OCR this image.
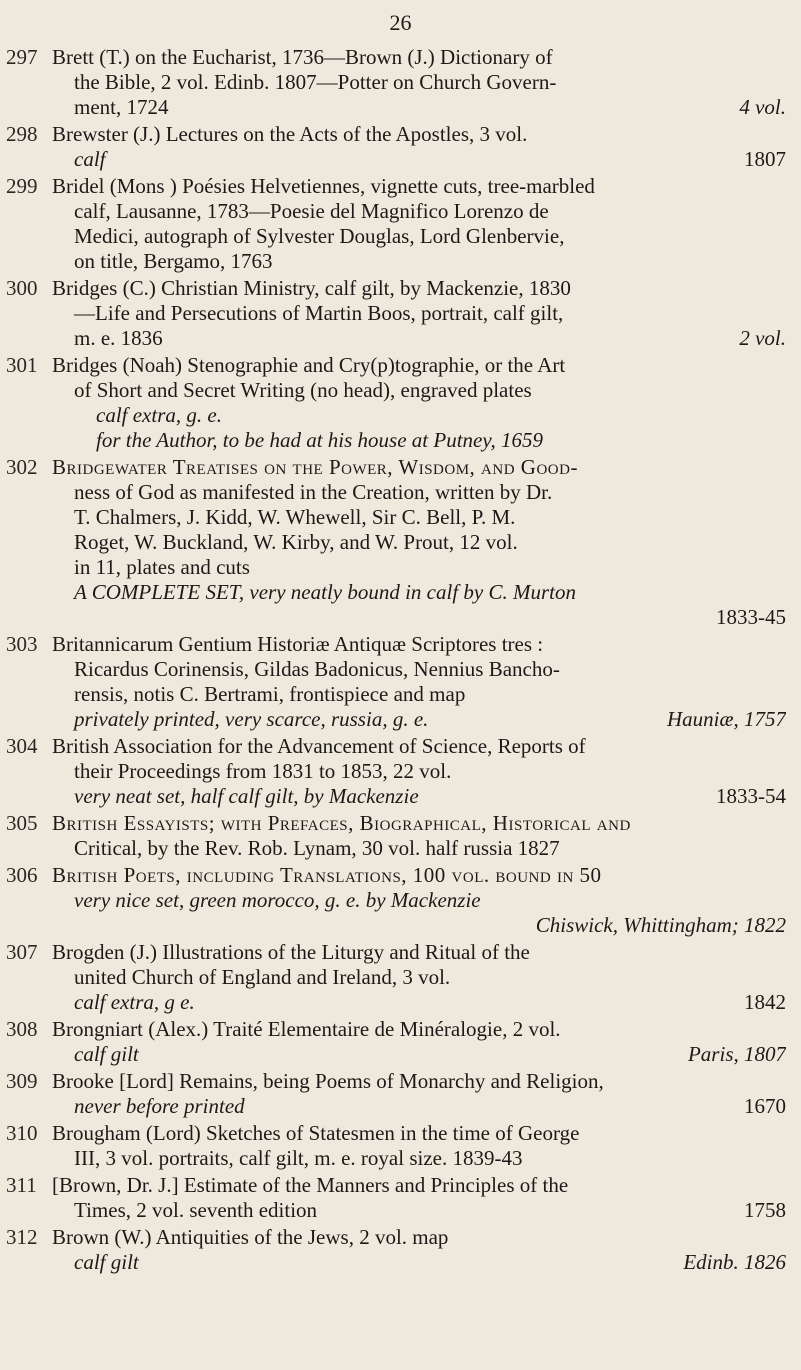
26
297 Brett (T.) on the Eucharist, 1736—Brown (J.) Dictionary of
the Bible, 2 vol. Edinb. 1807—Potter on Church Govern-
ment, 1724	4 vol.
298 Brewster (J.) Lectures on the Acts of the Apostles, 3 vol.
calf	1807
299 Bridel (Mons ) Poésies Helvetiennes, vignette cuts, tree-marbled
calf, Lausanne, 1783—Poesie del Magnifico Lorenzo de
Medici, autograph of Sylvester Douglas, Lord Glenbervie,
on title, Bergamo, 1763
300 Bridges (C.) Christian Ministry, calf gilt, by Mackenzie, 1830
—Life and Persecutions of Martin Boos, portrait, calf gilt,
m. e. 1836	2 vol.
301 Bridges (Noah) Stenographie and Cry(p)tographie, or the Art
of Short and Secret Writing (no head), engraved plates
calf extra, g. e.
for the Author, to be had at his house at Putney, 1659
302 Bridgewater Treatises on the Power, Wisdom, and Good-
ness of God as manifested in the Creation, written by Dr.
T. Chalmers, J. Kidd, W. Whewell, Sir C. Bell, P. M.
Roget, W. Buckland, W. Kirby, and W. Prout, 12 vol.
in 11, plates and cuts
A COMPLETE SET, very neatly bound in calf by C. Murton
1833-45
303 Britannicarum Gentium Historiæ Antiquæ Scriptores tres :
Ricardus Corinensis, Gildas Badonicus, Nennius Bancho-
rensis, notis C. Bertrami, frontispiece and map
privately printed, very scarce, russia, g. e.	Hauniæ, 1757
304 British Association for the Advancement of Science, Reports of
their Proceedings from 1831 to 1853, 22 vol.
very neat set, half calf gilt, by Mackenzie	1833-54
305 British Essayists; with Prefaces, Biographical, Historical and
Critical, by the Rev. Rob. Lynam, 30 vol. half russia 1827
306 British Poets, including Translations, 100 vol. bound in 50
very nice set, green morocco, g. e. by Mackenzie
Chiswick, Whittingham; 1822
307 Brogden (J.) Illustrations of the Liturgy and Ritual of the
united Church of England and Ireland, 3 vol.
calf extra, g e.	1842
308 Brongniart (Alex.) Traité Elementaire de Minéralogie, 2 vol.
calf gilt	Paris, 1807
309 Brooke [Lord] Remains, being Poems of Monarchy and Religion,
never before printed	1670
310 Brougham (Lord) Sketches of Statesmen in the time of George
III, 3 vol. portraits, calf gilt, m. e. royal size. 1839-43
311 [Brown, Dr. J.] Estimate of the Manners and Principles of the
Times, 2 vol. seventh edition	1758
312 Brown (W.) Antiquities of the Jews, 2 vol. map
calf gilt	Edinb. 1826
